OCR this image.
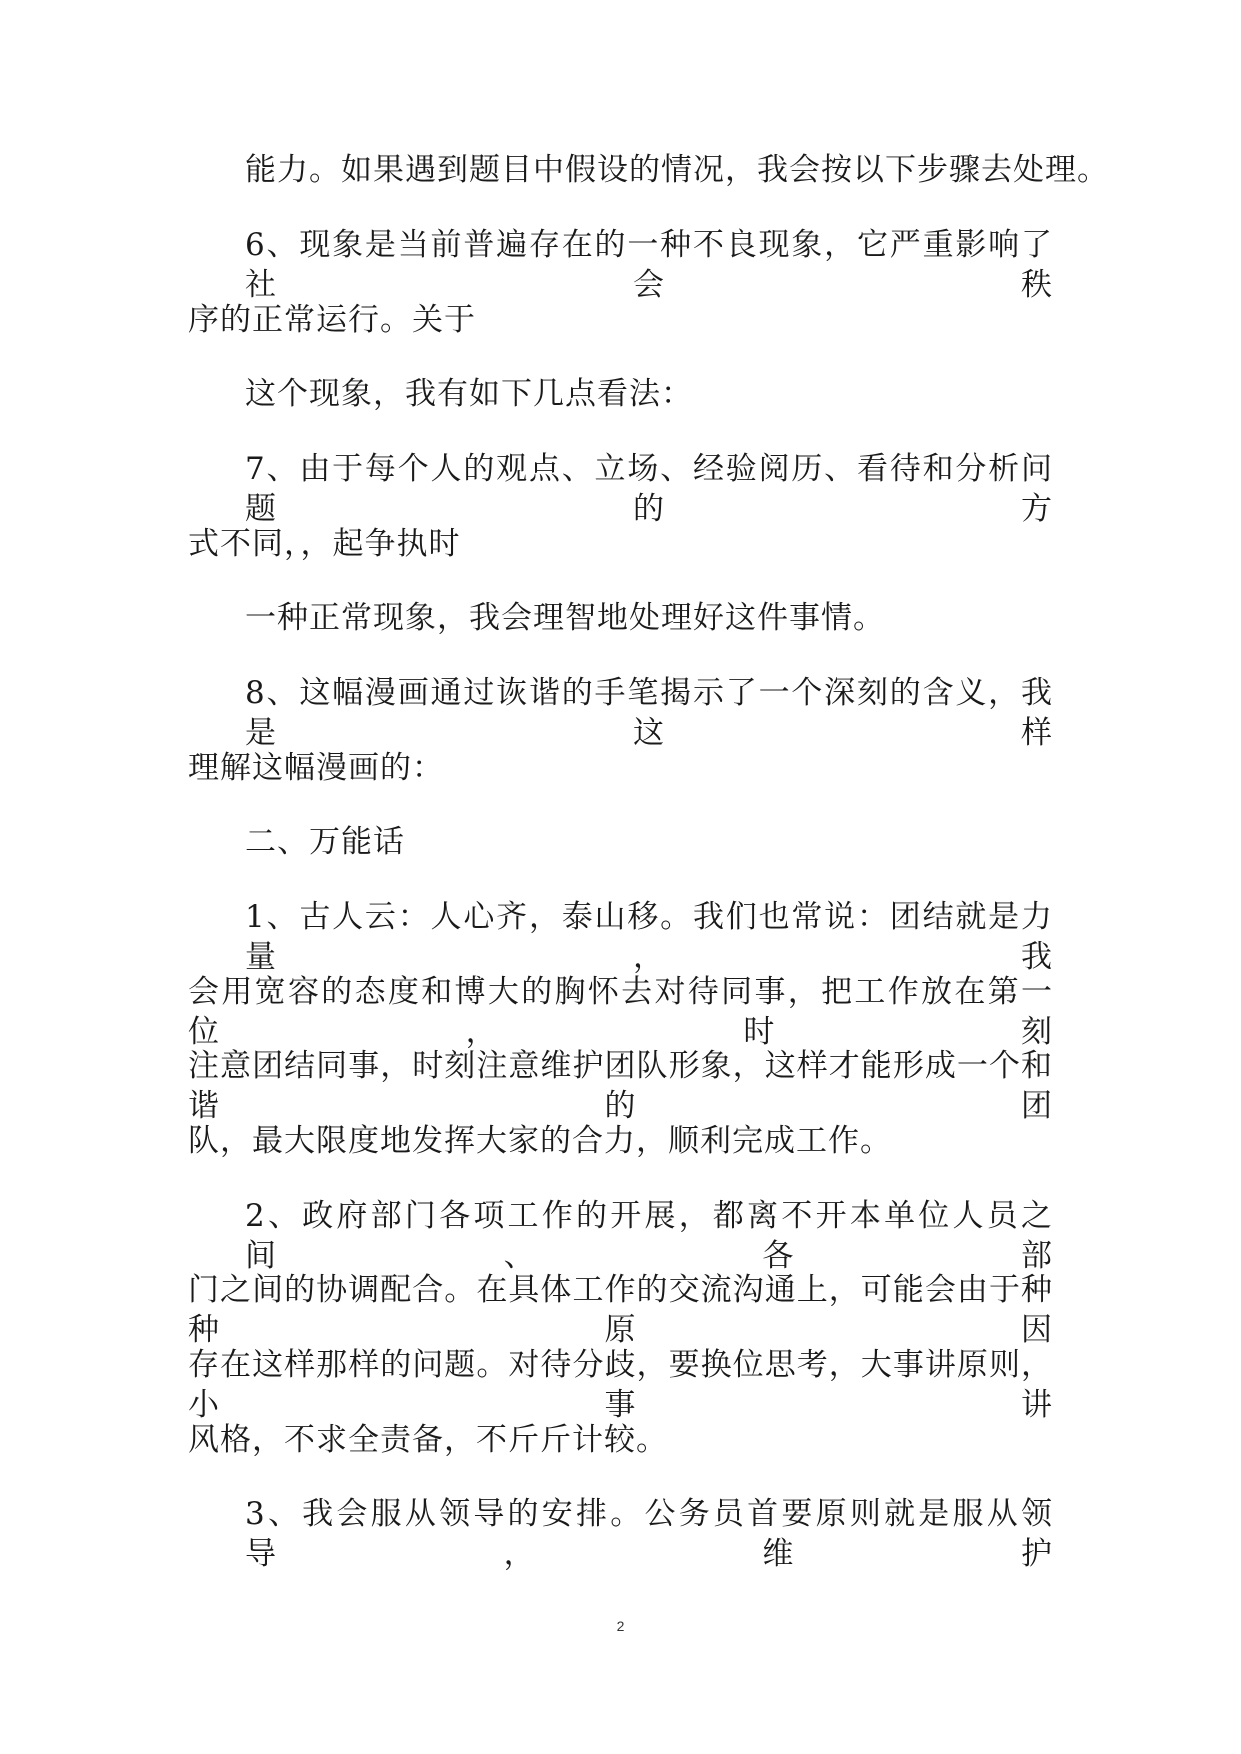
能力。如果遇到题目中假设的情况，我会按以下步骤去处理。
6、现象是当前普遍存在的一种不良现象，它严重影响了社会秩
序的正常运行。关于
这个现象，我有如下几点看法：
7、由于每个人的观点、立场、经验阅历、看待和分析问题的方
式不同，，起争执时
一种正常现象，我会理智地处理好这件事情。
8、这幅漫画通过诙谐的手笔揭示了一个深刻的含义，我是这样
理解这幅漫画的：
二、万能话
1、古人云：人心齐，泰山移。我们也常说：团结就是力量，我
会用宽容的态度和博大的胸怀去对待同事，把工作放在第一位，时刻
注意团结同事，时刻注意维护团队形象，这样才能形成一个和谐的团
队，最大限度地发挥大家的合力，顺利完成工作。
2、政府部门各项工作的开展，都离不开本单位人员之间、各部
门之间的协调配合。在具体工作的交流沟通上，可能会由于种种原因
存在这样那样的问题。对待分歧，要换位思考，大事讲原则，小事讲
风格，不求全责备，不斤斤计较。
3、我会服从领导的安排。公务员首要原则就是服从领导，维护
2
